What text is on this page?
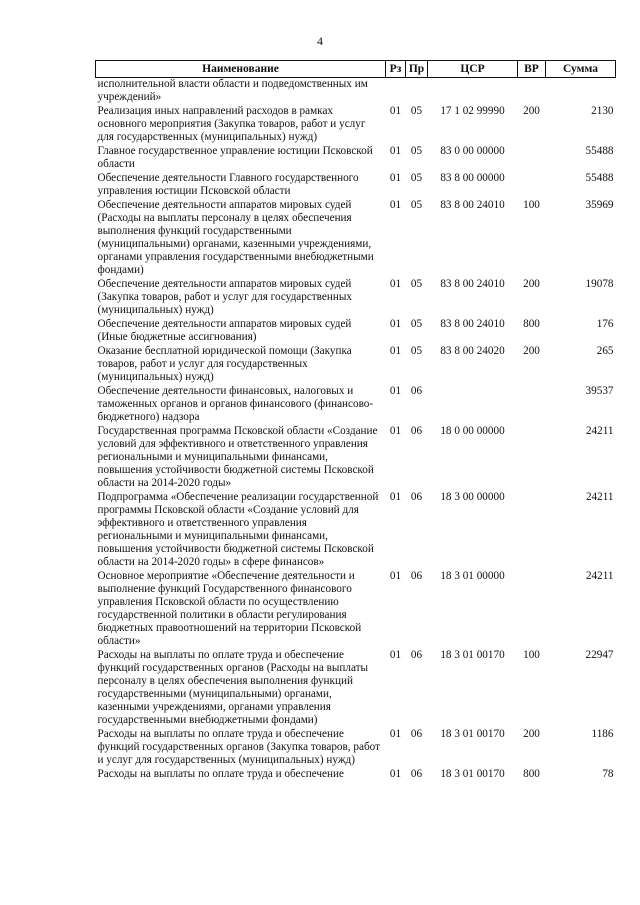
4
Наименование	Рз	Пр	ЦСР	ВР	Сумма
исполнительной власти области и подведомственных им учреждений»					
Реализация иных направлений расходов в рамках основного мероприятия (Закупка товаров, работ и услуг для государственных (муниципальных) нужд)	01	05	17 1 02 99990	200	2130
Главное государственное управление юстиции Псковской области	01	05	83 0 00 00000		55488
Обеспечение деятельности Главного государственного управления юстиции Псковской области	01	05	83 8 00 00000		55488
Обеспечение деятельности аппаратов мировых судей (Расходы на выплаты персоналу в целях обеспечения выполнения функций государственными (муниципальными) органами, казенными учреждениями, органами управления государственными внебюджетными фондами)	01	05	83 8 00 24010	100	35969
Обеспечение деятельности аппаратов мировых судей (Закупка товаров, работ и услуг для государственных (муниципальных) нужд)	01	05	83 8 00 24010	200	19078
Обеспечение деятельности аппаратов мировых судей (Иные бюджетные ассигнования)	01	05	83 8 00 24010	800	176
Оказание бесплатной юридической помощи (Закупка товаров, работ и услуг для государственных (муниципальных) нужд)	01	05	83 8 00 24020	200	265
Обеспечение деятельности финансовых, налоговых и таможенных органов и органов финансового (финансово-бюджетного) надзора	01	06			39537
Государственная программа Псковской области «Создание условий для эффективного и ответственного управления региональными и муниципальными финансами, повышения устойчивости бюджетной системы Псковской области на 2014-2020 годы»	01	06	18 0 00 00000		24211
Подпрограмма «Обеспечение реализации государственной программы Псковской области «Создание условий для эффективного и ответственного управления региональными и муниципальными финансами, повышения устойчивости бюджетной системы Псковской области на 2014-2020 годы» в сфере финансов»	01	06	18 3 00 00000		24211
Основное мероприятие «Обеспечение деятельности и выполнение функций Государственного финансового управления Псковской области по осуществлению государственной политики в области регулирования бюджетных правоотношений на территории Псковской области»	01	06	18 3 01 00000		24211
Расходы на выплаты по оплате труда и обеспечение функций государственных органов (Расходы на выплаты персоналу в целях обеспечения выполнения функций государственными (муниципальными) органами, казенными учреждениями, органами управления государственными внебюджетными фондами)	01	06	18 3 01 00170	100	22947
Расходы на выплаты по оплате труда и обеспечение функций государственных органов (Закупка товаров, работ и услуг для государственных (муниципальных) нужд)	01	06	18 3 01 00170	200	1186
Расходы на выплаты по оплате труда и обеспечение	01	06	18 3 01 00170	800	78
